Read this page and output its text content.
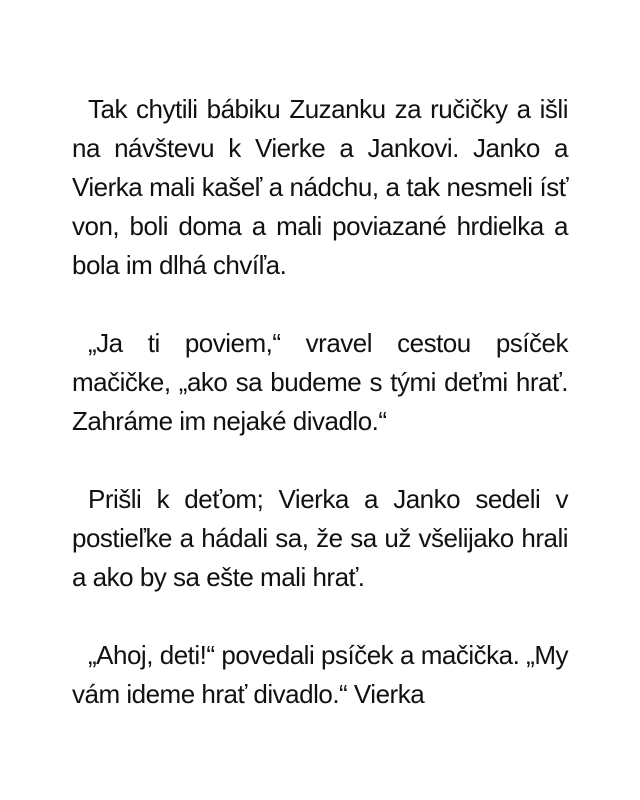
Tak chytili bábiku Zuzanku za ručičky a išli na návštevu k Vierke a Jankovi. Janko a Vierka mali kašeľ a nádchu, a tak nesmeli ísť von, boli doma a mali poviazané hrdielka a bola im dlhá chvíľa.

„Ja ti poviem,“ vravel cestou psíček mačičke, „ako sa budeme s tými deťmi hrať. Zahráme im nejaké divadlo.“

Prišli k deťom; Vierka a Janko sedeli v postieľke a hádali sa, že sa už všelijako hrali a ako by sa ešte mali hrať.

„Ahoj, deti!“ povedali psíček a mačička. „My vám ideme hrať divadlo.“ Vierka
